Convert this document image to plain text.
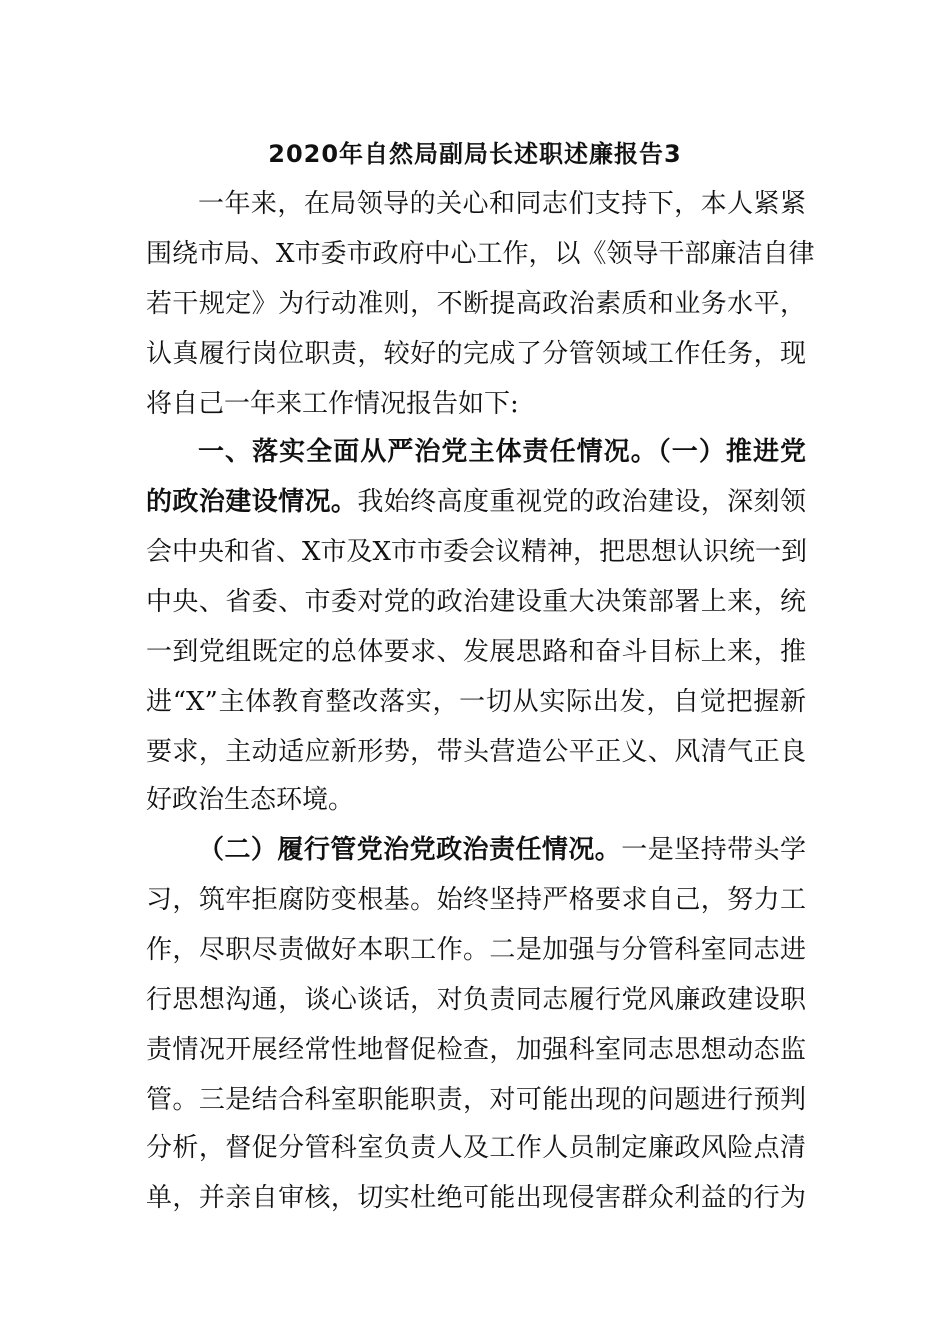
2020年自然局副局长述职述廉报告3
一年来，在局领导的关心和同志们支持下，本人紧紧
围绕市局、X市委市政府中心工作，以《领导干部廉洁自律
若干规定》为行动准则，不断提高政治素质和业务水平，
认真履行岗位职责，较好的完成了分管领域工作任务，现
将自己一年来工作情况报告如下:
一、落实全面从严治党主体责任情况。（一）推进党
的政治建设情况。我始终高度重视党的政治建设，深刻领
会中央和省、X市及X市市委会议精神，把思想认识统一到
中央、省委、市委对党的政治建设重大决策部署上来，统
一到党组既定的总体要求、发展思路和奋斗目标上来，推
进“X”主体教育整改落实，一切从实际出发，自觉把握新
要求，主动适应新形势，带头营造公平正义、风清气正良
好政治生态环境。
（二）履行管党治党政治责任情况。一是坚持带头学
习，筑牢拒腐防变根基。始终坚持严格要求自己，努力工
作，尽职尽责做好本职工作。二是加强与分管科室同志进
行思想沟通，谈心谈话，对负责同志履行党风廉政建设职
责情况开展经常性地督促检查，加强科室同志思想动态监
管。三是结合科室职能职责，对可能出现的问题进行预判
分析，督促分管科室负责人及工作人员制定廉政风险点清
单，并亲自审核，切实杜绝可能出现侵害群众利益的行为
